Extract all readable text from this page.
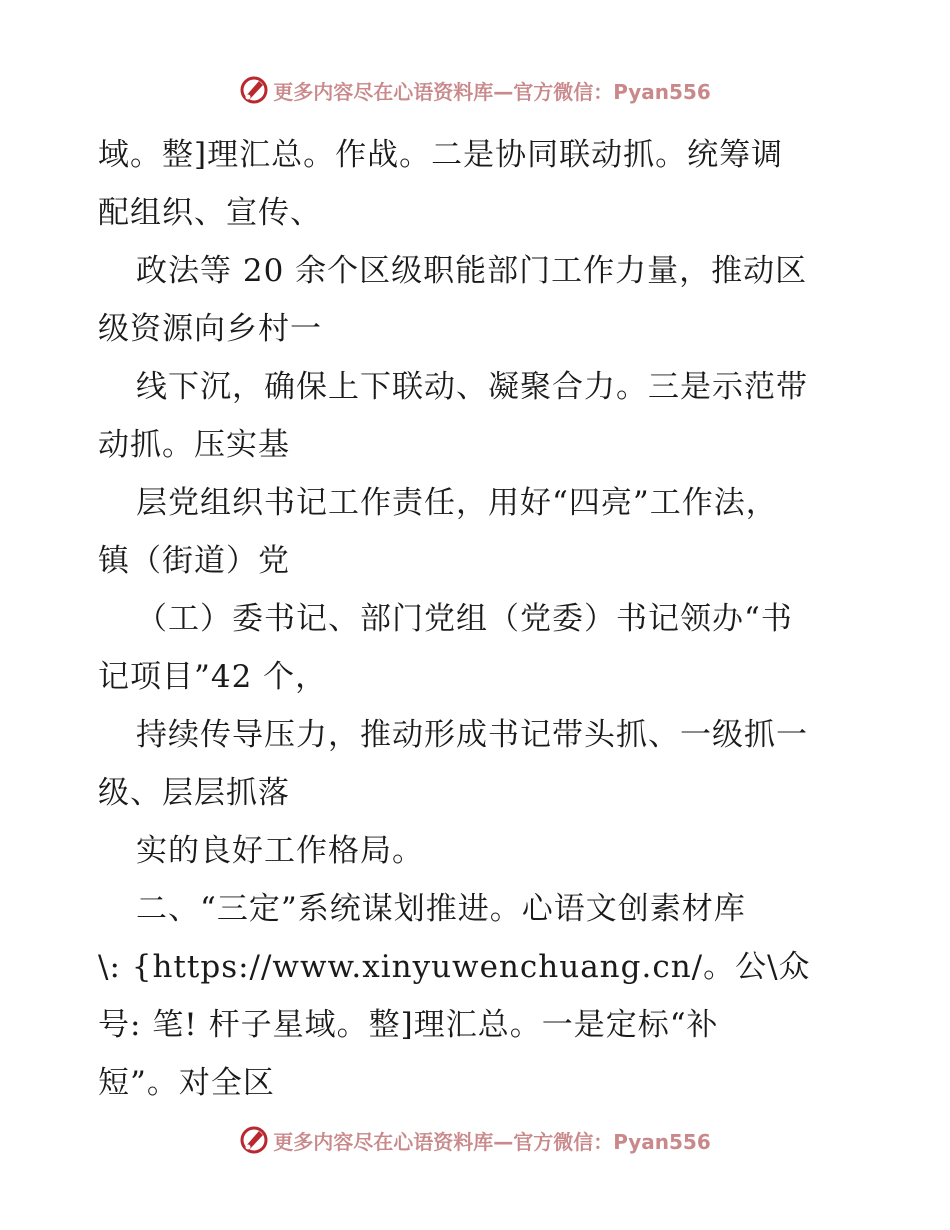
更多内容尽在心语资料库—官方微信：Pyan556
域。整]理汇总。作战。二是协同联动抓。统筹调
配组织、宣传、
政法等 20 余个区级职能部门工作力量，推动区
级资源向乡村一
线下沉，确保上下联动、凝聚合力。三是示范带
动抓。压实基
层党组织书记工作责任，用好“四亮”工作法，
镇（街道）党
（工）委书记、部门党组（党委）书记领办“书
记项目”42 个，
持续传导压力，推动形成书记带头抓、一级抓一
级、层层抓落
实的良好工作格局。
二、“三定”系统谋划推进。心语文创素材库
\: {https://www.xinyuwenchuang.cn/。公\众
号: 笔! 杆子星域。整]理汇总。一是定标“补
短”。对全区
更多内容尽在心语资料库—官方微信：Pyan556
